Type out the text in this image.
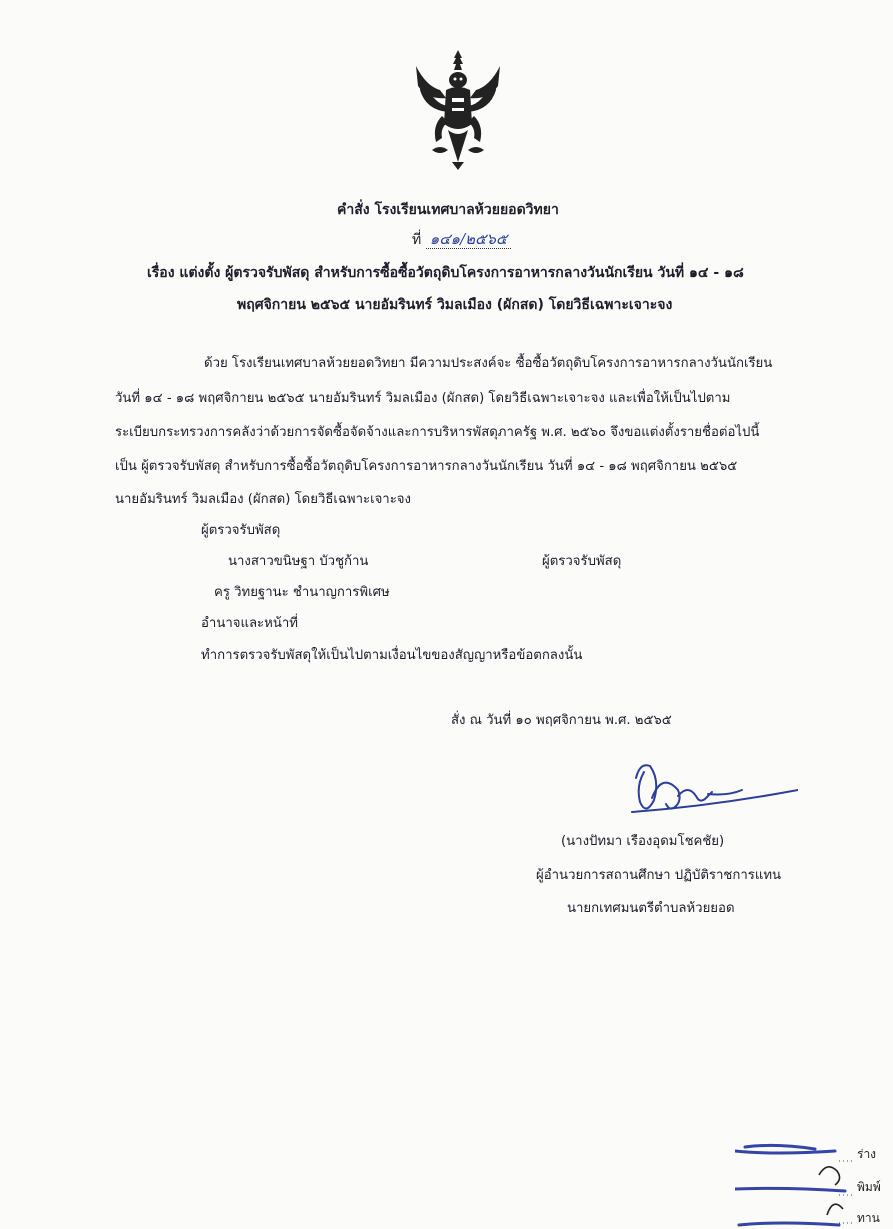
คำสั่ง โรงเรียนเทศบาลห้วยยอดวิทยา
ที่ ๑๔๑/๒๕๖๕
เรื่อง แต่งตั้ง ผู้ตรวจรับพัสดุ สำหรับการซื้อซื้อวัตถุดิบโครงการอาหารกลางวันนักเรียน วันที่ ๑๔ - ๑๘
พฤศจิกายน ๒๕๖๕ นายอัมรินทร์ วิมลเมือง (ผักสด) โดยวิธีเฉพาะเจาะจง
ด้วย โรงเรียนเทศบาลห้วยยอดวิทยา มีความประสงค์จะ ซื้อซื้อวัตถุดิบโครงการอาหารกลางวันนักเรียน
วันที่ ๑๔ - ๑๘ พฤศจิกายน ๒๕๖๕ นายอัมรินทร์ วิมลเมือง (ผักสด) โดยวิธีเฉพาะเจาะจง และเพื่อให้เป็นไปตาม
ระเบียบกระทรวงการคลังว่าด้วยการจัดซื้อจัดจ้างและการบริหารพัสดุภาครัฐ พ.ศ. ๒๕๖๐ จึงขอแต่งตั้งรายชื่อต่อไปนี้
เป็น ผู้ตรวจรับพัสดุ สำหรับการซื้อซื้อวัตถุดิบโครงการอาหารกลางวันนักเรียน วันที่ ๑๔ - ๑๘ พฤศจิกายน ๒๕๖๕
นายอัมรินทร์ วิมลเมือง (ผักสด) โดยวิธีเฉพาะเจาะจง
ผู้ตรวจรับพัสดุ
นางสาวขนิษฐา บัวชูก้าน	ผู้ตรวจรับพัสดุ
ครู วิทยฐานะ ชำนาญการพิเศษ
อำนาจและหน้าที่
ทำการตรวจรับพัสดุให้เป็นไปตามเงื่อนไขของสัญญาหรือข้อตกลงนั้น
สั่ง ณ วันที่ ๑๐ พฤศจิกายน พ.ศ. ๒๕๖๕
(นางปัทมา เรืองอุดมโชคชัย)
ผู้อำนวยการสถานศึกษา ปฏิบัติราชการแทน
นายกเทศมนตรีตำบลห้วยยอด
ร่าง
พิมพ์
ทาน
